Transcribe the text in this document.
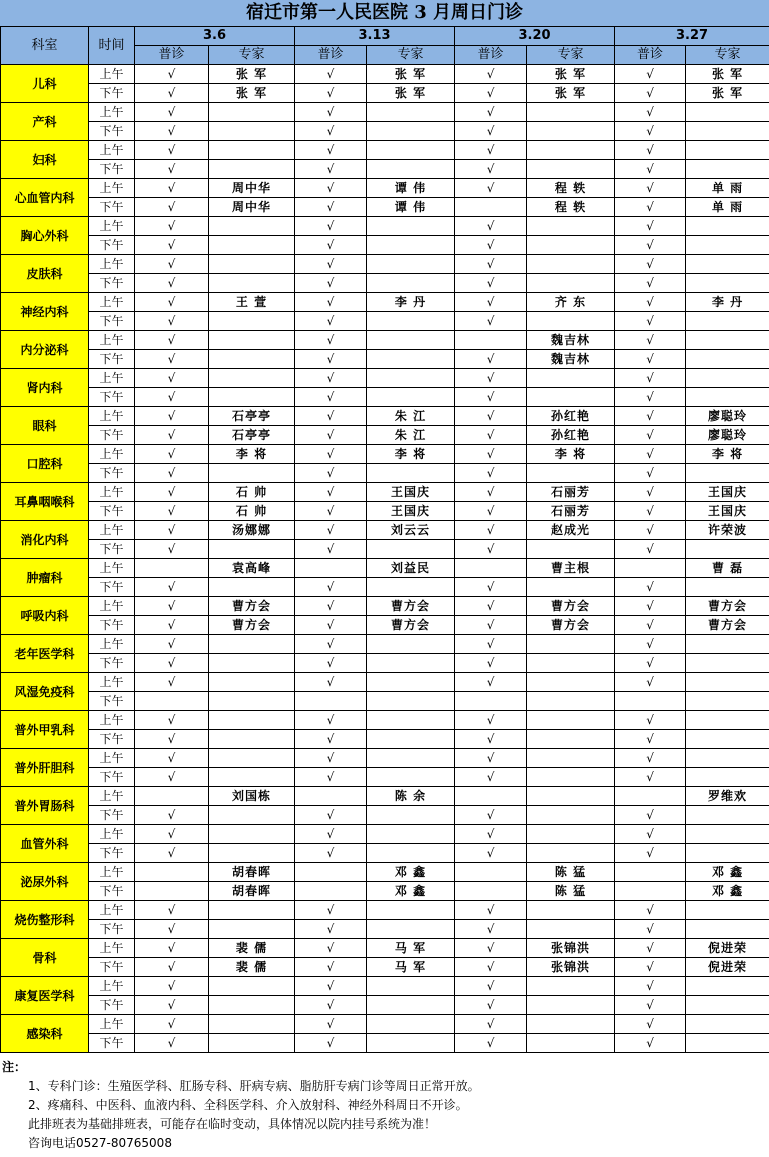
宿迁市第一人民医院 3 月周日门诊
科室	时间	3.6		3.13		3.20		3.27	
		普诊	专家	普诊	专家	普诊	专家	普诊	专家
儿科	上午	√	张 军	√	张 军	√	张 军	√	张 军
	下午	√	张 军	√	张 军	√	张 军	√	张 军
产科	上午	√		√		√		√	
	下午	√		√		√		√	
妇科	上午	√		√		√		√	
	下午	√		√		√		√	
心血管内科	上午	√	周中华	√	谭 伟	√	程 轶	√	单 雨
	下午	√	周中华	√	谭 伟		程 轶	√	单 雨
胸心外科	上午	√		√		√		√	
	下午	√		√		√		√	
皮肤科	上午	√		√		√		√	
	下午	√		√		√		√	
神经内科	上午	√	王 萱	√	李 丹	√	齐 东	√	李 丹
	下午	√		√		√		√	
内分泌科	上午	√		√			魏吉林	√	
	下午	√		√		√	魏吉林	√	
肾内科	上午	√		√		√		√	
	下午	√		√		√		√	
眼科	上午	√	石亭亭	√	朱 江	√	孙红艳	√	廖聪玲
	下午	√	石亭亭	√	朱 江	√	孙红艳	√	廖聪玲
口腔科	上午	√	李 将	√	李 将	√	李 将	√	李 将
	下午	√		√		√		√	
耳鼻咽喉科	上午	√	石 帅	√	王国庆	√	石丽芳	√	王国庆
	下午	√	石 帅	√	王国庆	√	石丽芳	√	王国庆
消化内科	上午	√	汤娜娜	√	刘云云	√	赵成光	√	许荣波
	下午	√		√		√		√	
肿瘤科	上午		袁高峰		刘益民		曹主根		曹 磊
	下午	√		√		√		√	
呼吸内科	上午	√	曹方会	√	曹方会	√	曹方会	√	曹方会
	下午	√	曹方会	√	曹方会	√	曹方会	√	曹方会
老年医学科	上午	√		√		√		√	
	下午	√		√		√		√	
风湿免疫科	上午	√		√		√		√	
	下午								
普外甲乳科	上午	√		√		√		√	
	下午	√		√		√		√	
普外肝胆科	上午	√		√		√		√	
	下午	√		√		√		√	
普外胃肠科	上午		刘国栋		陈 余				罗维欢
	下午	√		√		√		√	
血管外科	上午	√		√		√		√	
	下午	√		√		√		√	
泌尿外科	上午		胡春晖		邓 鑫		陈 猛		邓 鑫
	下午		胡春晖		邓 鑫		陈 猛		邓 鑫
烧伤整形科	上午	√		√		√		√	
	下午	√		√		√		√	
骨科	上午	√	裴 儒	√	马 军	√	张锦洪	√	倪进荣
	下午	√	裴 儒	√	马 军	√	张锦洪	√	倪进荣
康复医学科	上午	√		√		√		√	
	下午	√		√		√		√	
感染科	上午	√		√		√		√	
	下午	√		√		√		√	
注：
1、专科门诊：生殖医学科、肛肠专科、肝病专病、脂肪肝专病门诊等周日正常开放。
2、疼痛科、中医科、血液内科、全科医学科、介入放射科、神经外科周日不开诊。
此排班表为基础排班表，可能存在临时变动，具体情况以院内挂号系统为准！
咨询电话0527-80765008
